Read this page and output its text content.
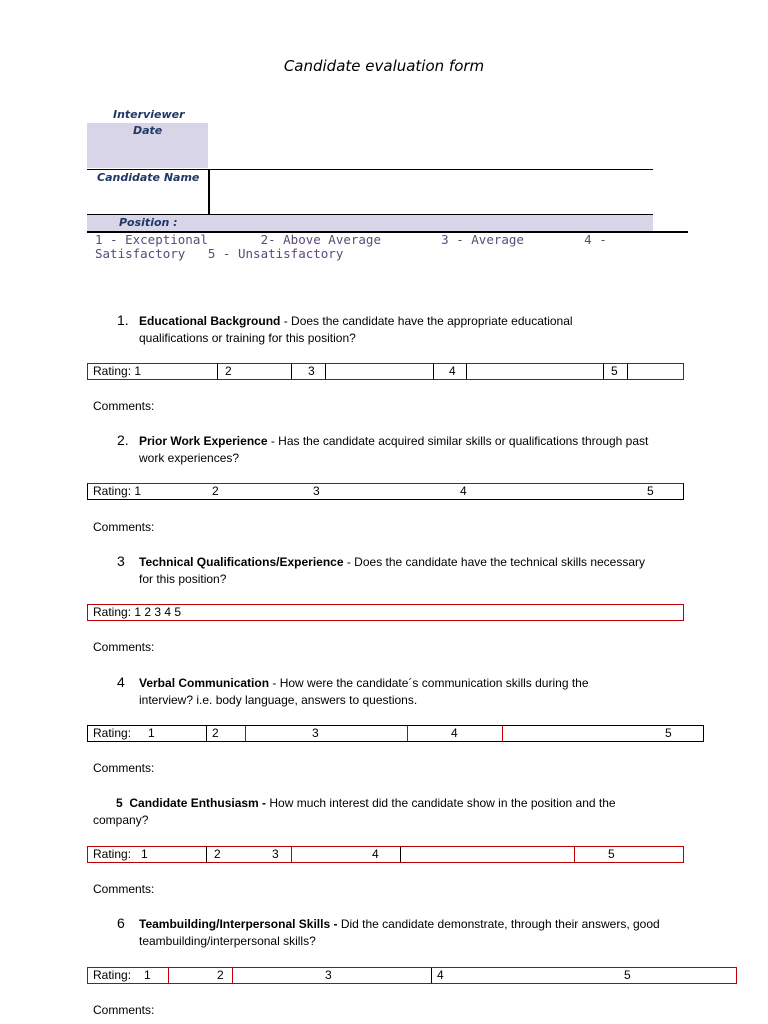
Candidate evaluation form
Interviewer
Date
Candidate Name
Position :
1 - Exceptional       2- Above Average        3 - Average        4 -
Satisfactory   5 - Unsatisfactory
1. Educational Background - Does the candidate have the appropriate educational qualifications or training for this position?
Rating: 1	2	3	4	5
Comments:
2. Prior Work Experience - Has the candidate acquired similar skills or qualifications through past work experiences?
Rating: 1	2	3	4	5
Comments:
3 Technical Qualifications/Experience - Does the candidate have the technical skills necessary for this position?
Rating: 1 2 3 4 5
Comments:
4 Verbal Communication - How were the candidate´s communication skills during the interview? i.e. body language, answers to questions.
Rating: 1	2	3	4	5
Comments:
5 Candidate Enthusiasm - How much interest did the candidate show in the position and the company?
Rating: 1	2	3	4	5
Comments:
6 Teambuilding/Interpersonal Skills - Did the candidate demonstrate, through their answers, good teambuilding/interpersonal skills?
Rating: 1	2	3	4	5
Comments:
